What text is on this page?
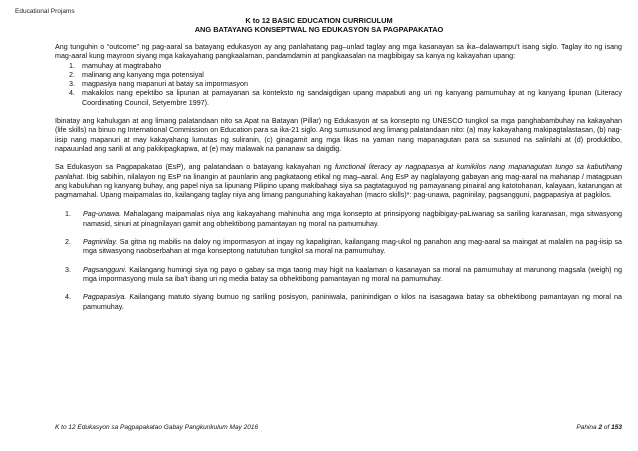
Educational Projams
K to 12 BASIC EDUCATION CURRICULUM
ANG BATAYANG KONSEPTWAL NG EDUKASYON SA PAGPAPAKATAO

Ang tunguhin o “outcome” ng pag-aaral sa batayang edukasyon ay ang panlahatang pag–unlad taglay ang mga kasanayan sa ika–dalawampu’t isang siglo. Taglay ito ng isang mag-aaral kung mayroon siyang mga kakayahang pangkaalaman, pandamdamin at pangkaasalan na magbibigay sa kanya ng kakayahan upang:

1. mamuhay at magtrabaho
2. malinang ang kanyang mga potensiyal
3. magpasiya nang mapanuri at batay sa impormasyon
4. makakilos nang epektibo sa lipunan at pamayanan sa konteksto ng sandaigdigan upang mapabuti ang uri ng kanyang pamumuhay at ng kanyang lipunan (Literacy Coordinating Council, Setyembre 1997).

Ibinatay ang kahulugan at ang limang palatandaan nito sa Apat na Batayan (Pillar) ng Edukasyon at sa konsepto ng UNESCO tungkol sa mga panghabambuhay na kakayahan (life skills) na binuo ng International Commission on Education para sa ika-21 siglo. Ang sumusunod ang limang palatandaan nito: (a) may kakayahang makipagtalastasan, (b) nag-iisip nang mapanuri at may kakayahang lumutas ng suliranin, (c) ginagamit ang mga likas na yaman nang mapanagutan para sa susunod na salinlahi at (d) produktibo, napauunlad ang sarili at ang pakikipagkapwa, at (e) may malawak na pananaw sa daigdig.

Sa Edukasyon sa Pagpapakatao (EsP), ang palatandaan o batayang kakayahan ng functional literacy ay nagpapasya at kumikilos nang mapanagutan tungo sa kabutihang panlahat. Ibig sabihin, nilalayon ng EsP na linangin at paunlarin ang pagkataong etikal ng mag–aaral. Ang EsP ay naglalayong gabayan ang mag-aaral na mahanap / matagpuan ang kabuluhan ng kanyang buhay, ang papel niya sa lipunang Pilipino upang makibahagi siya sa pagtataguyod ng pamayanang pinairal ang katotohanan, kalayaan, katarungan at pagmamahal. Upang maipamalas ito, kailangang taglay niya ang limang pangunahing kakayahan (macro skills)*: pag-unawa, pagninilay, pagsangguni, pagpapasiya at pagkilos.

1. Pag-unawa. Mahalagang maipamalas niya ang kakayahang mahinuha ang mga konsepto at prinsipyong nagbibigay-paLiwanag sa sariling karanasan, mga sitwasyong namasid, sinuri at pinagnilayan gamit ang obhektibong pamantayan ng moral na pamumuhay.
2. Pagninilay. Sa gitna ng mabilis na daloy ng impormasyon at ingay ng kapaligiran, kailangang mag-ukol ng panahon ang mag-aaral sa maingat at malalim na pag-iisip sa mga sitwasyong naobserbahan at mga konseptong natutuhan tungkol sa moral na pamumuhay.
3. Pagsangguni. Kailangang humingi siya ng payo o gabay sa mga taong may higit na kaalaman o kasanayan sa moral na pamumuhay at marunong magsala (weigh) ng mga impormasyong mula sa iba’t ibang uri ng media batay sa obhektibong pamantayan ng moral na pamumuhay.
4. Pagpapasiya. Kailangang matuto siyang bumuo ng sariling posisyon, paniniwala, paninindigan o kilos na isasagawa batay sa obhektibong pamantayan ng moral na pamumuhay.
K to 12 Edukasyon sa Pagpapakatao Gabay Pangkurikulum May 2016	Pahina 2 of 153
